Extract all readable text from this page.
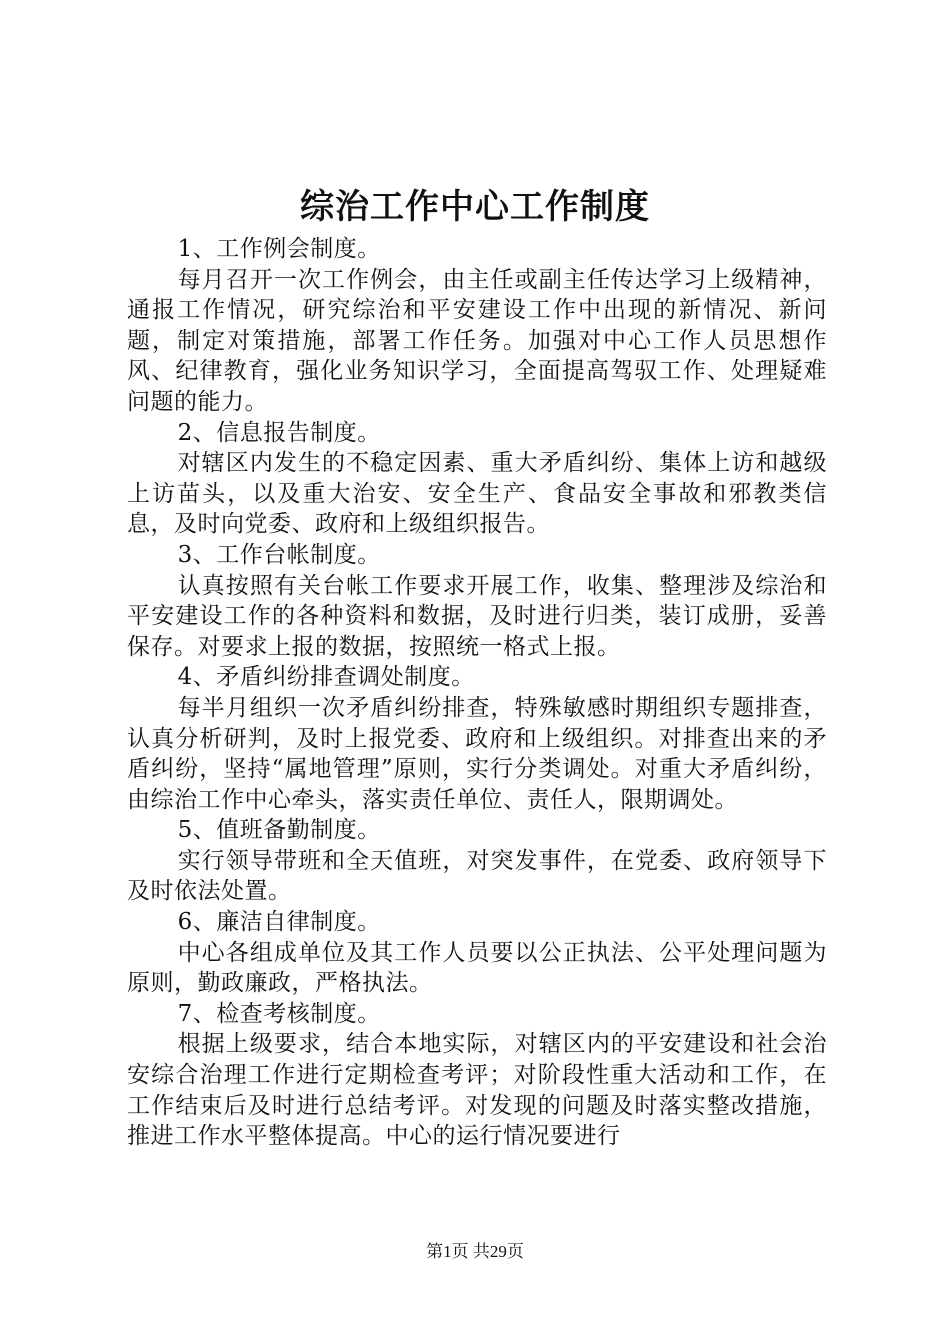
综治工作中心工作制度

1、工作例会制度。

每月召开一次工作例会，由主任或副主任传达学习上级精神，通报工作情况，研究综治和平安建设工作中出现的新情况、新问题，制定对策措施，部署工作任务。加强对中心工作人员思想作风、纪律教育，强化业务知识学习，全面提高驾驭工作、处理疑难问题的能力。

2、信息报告制度。

对辖区内发生的不稳定因素、重大矛盾纠纷、集体上访和越级上访苗头，以及重大治安、安全生产、食品安全事故和邪教类信息，及时向党委、政府和上级组织报告。

3、工作台帐制度。

认真按照有关台帐工作要求开展工作，收集、整理涉及综治和平安建设工作的各种资料和数据，及时进行归类，装订成册，妥善保存。对要求上报的数据，按照统一格式上报。

4、矛盾纠纷排查调处制度。

每半月组织一次矛盾纠纷排查，特殊敏感时期组织专题排查，认真分析研判，及时上报党委、政府和上级组织。对排查出来的矛盾纠纷，坚持“属地管理”原则，实行分类调处。对重大矛盾纠纷，由综治工作中心牵头，落实责任单位、责任人，限期调处。

5、值班备勤制度。

实行领导带班和全天值班，对突发事件，在党委、政府领导下及时依法处置。

6、廉洁自律制度。

中心各组成单位及其工作人员要以公正执法、公平处理问题为原则，勤政廉政，严格执法。

7、检查考核制度。

根据上级要求，结合本地实际，对辖区内的平安建设和社会治安综合治理工作进行定期检查考评；对阶段性重大活动和工作，在工作结束后及时进行总结考评。对发现的问题及时落实整改措施，推进工作水平整体提高。中心的运行情况要进行

第1页 共29页
